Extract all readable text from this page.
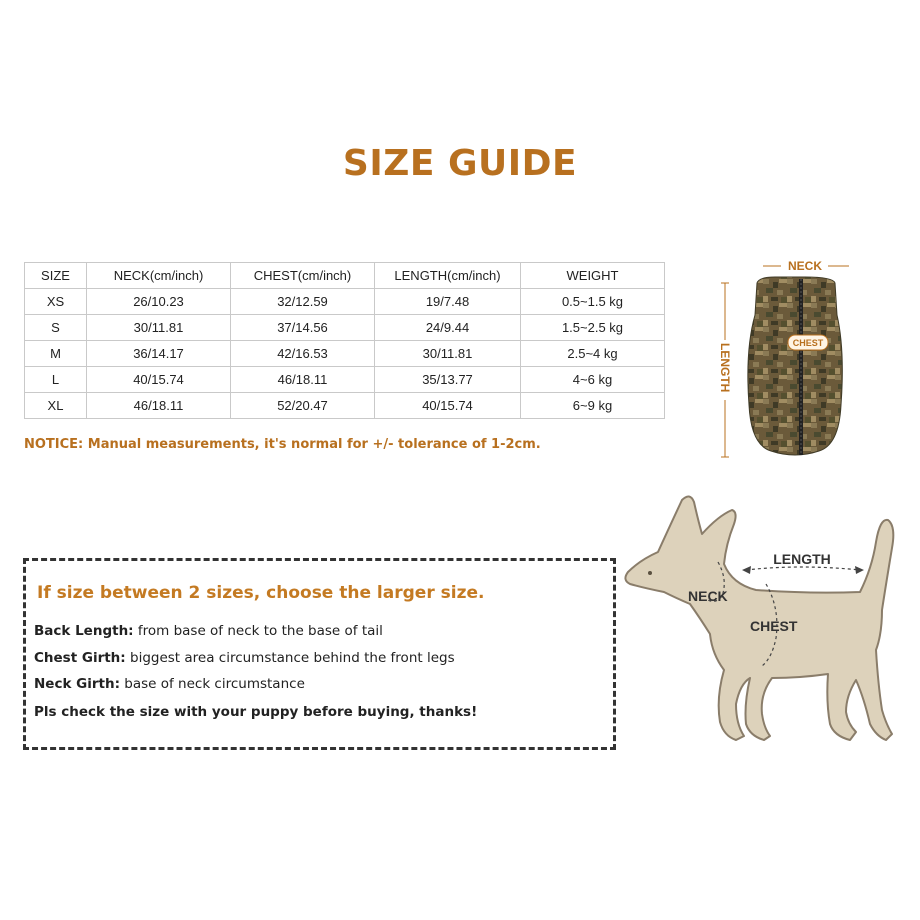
SIZE GUIDE
SIZE	NECK(cm/inch)	CHEST(cm/inch)	LENGTH(cm/inch)	WEIGHT
XS	26/10.23	32/12.59	19/7.48	0.5~1.5 kg
S	30/11.81	37/14.56	24/9.44	1.5~2.5 kg
M	36/14.17	42/16.53	30/11.81	2.5~4 kg
L	40/15.74	46/18.11	35/13.77	4~6 kg
XL	46/18.11	52/20.47	40/15.74	6~9 kg
NOTICE: Manual measurements, it's normal for +/- tolerance of 1-2cm.
NECK
LENGTH	CHEST
If size between 2 sizes, choose the larger size.
Back Length: from base of neck to the base of tail
Chest Girth: biggest area circumstance behind the front legs
Neck Girth: base of neck circumstance
Pls check the size with your puppy before buying, thanks!
NECK
CHEST
LENGTH
